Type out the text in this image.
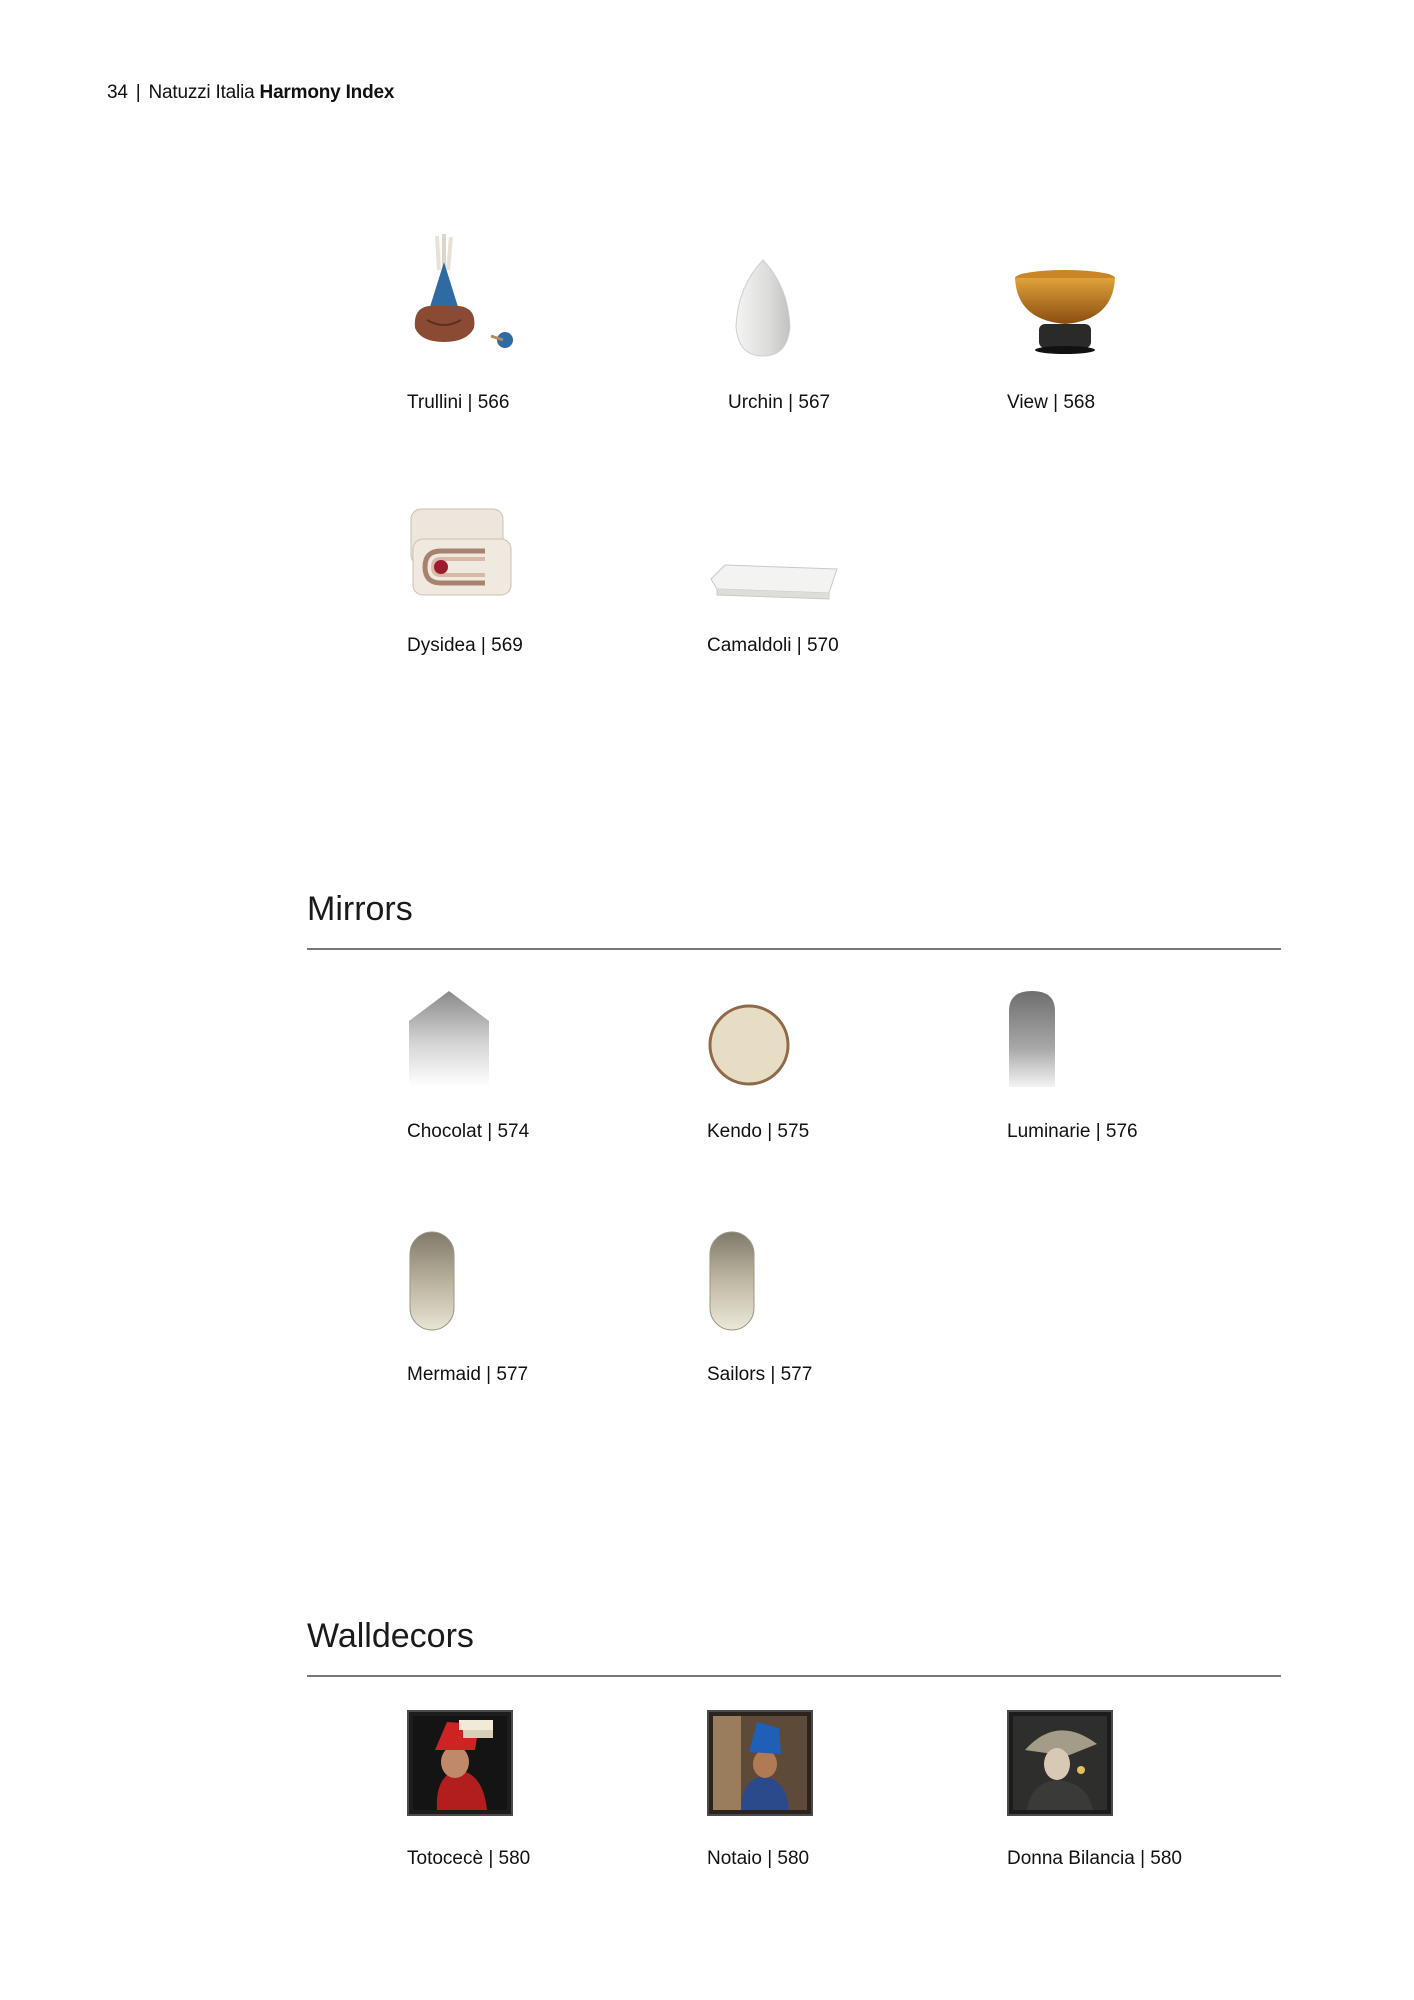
34 | Natuzzi Italia Harmony Index
Trullini | 566	Urchin | 567	View | 568
Dysidea | 569	Camaldoli | 570
Mirrors
Chocolat | 574	Kendo | 575	Luminarie | 576
Mermaid | 577	Sailors | 577
Walldecors
Totocecè | 580	Notaio | 580	Donna Bilancia | 580
